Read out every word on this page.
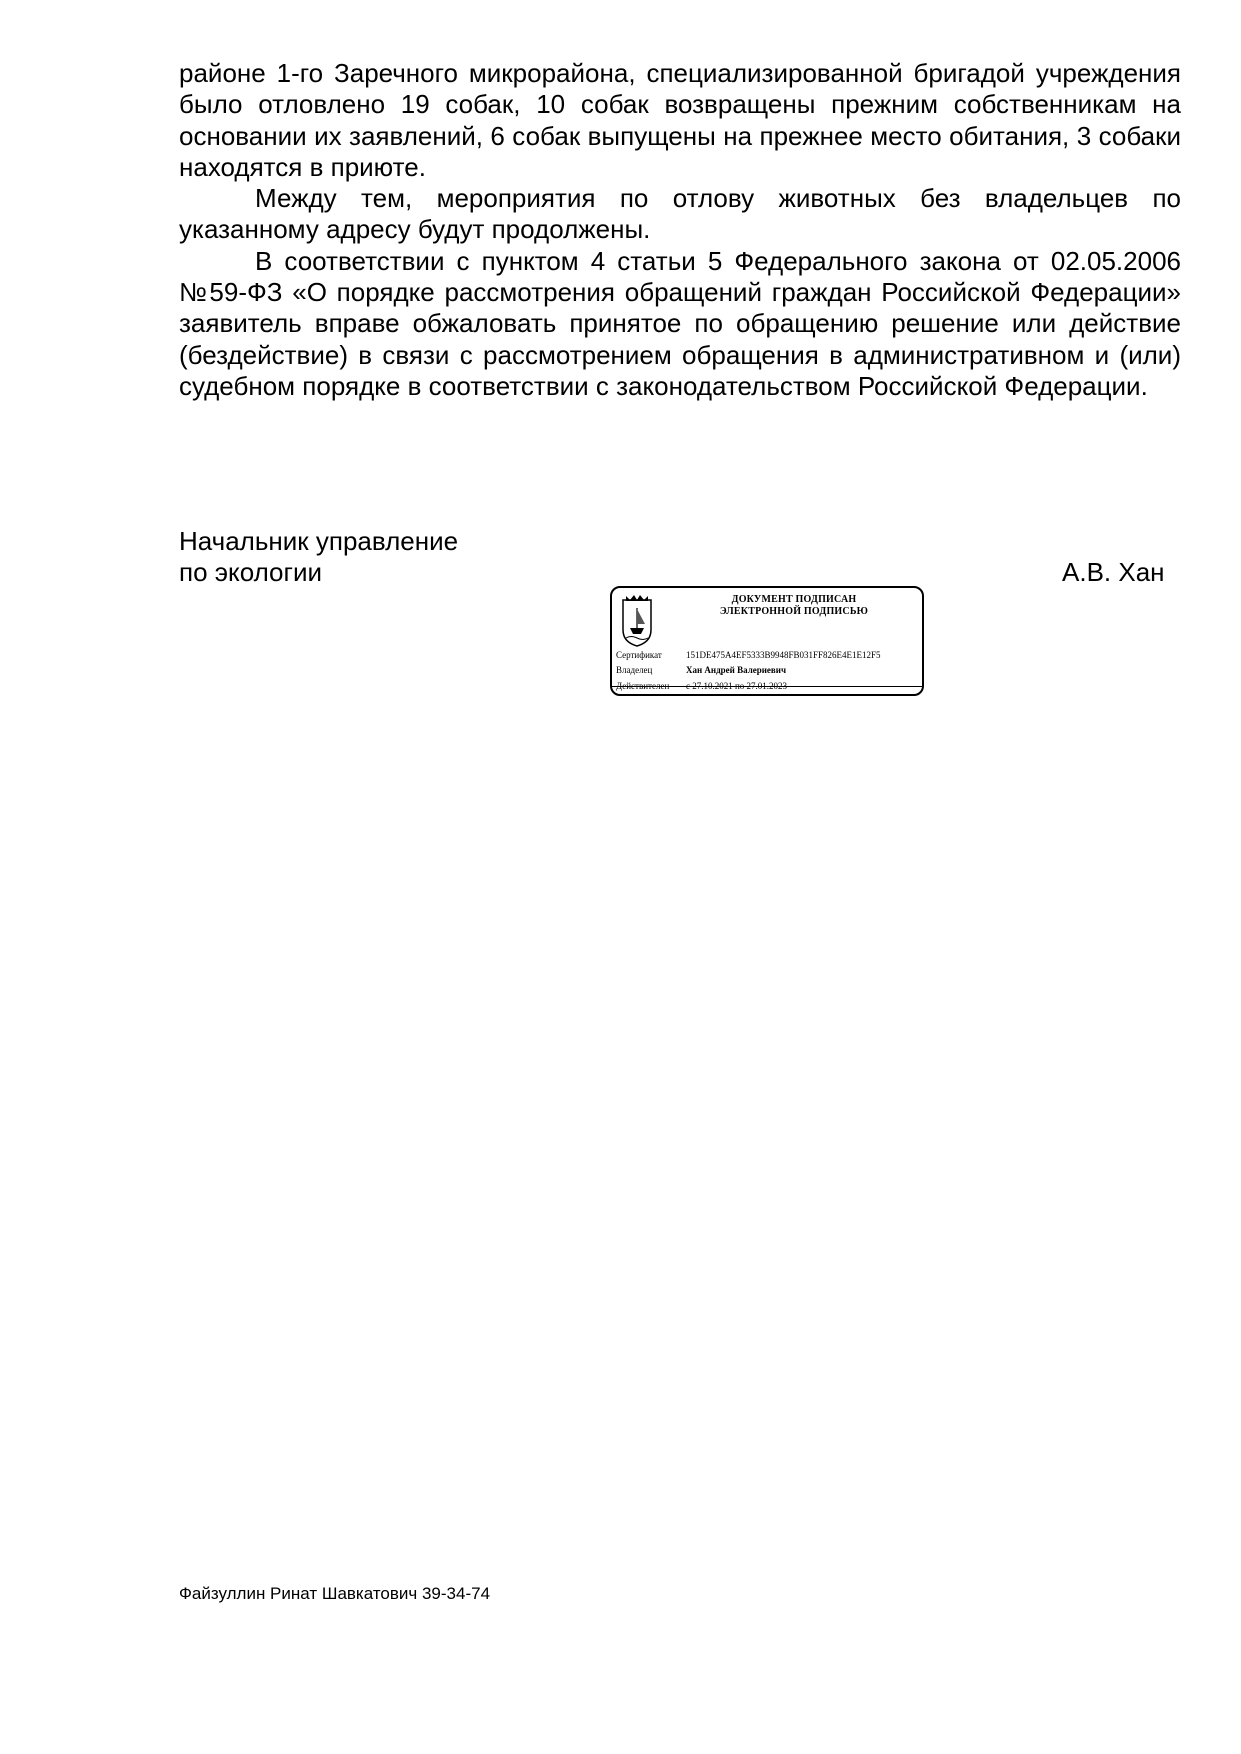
районе 1-го Заречного микрорайона, специализированной бригадой учреждения было отловлено 19 собак, 10 собак возвращены прежним собственникам на основании их заявлений, 6 собак выпущены на прежнее место обитания, 3 собаки находятся в приюте.

Между тем, мероприятия по отлову животных без владельцев по указанному адресу будут продолжены.

В соответствии с пунктом 4 статьи 5 Федерального закона от 02.05.2006 №59-ФЗ «О порядке рассмотрения обращений граждан Российской Федерации» заявитель вправе обжаловать принятое по обращению решение или действие (бездействие) в связи с рассмотрением обращения в административном и (или) судебном порядке в соответствии с законодательством Российской Федерации.

Начальник управление
по экологии	А.В. Хан
ДОКУМЕНТ ПОДПИСАН
ЭЛЕКТРОННОЙ ПОДПИСЬЮ
Сертификат	151DE475A4EF5333B9948FB031FF826E4E1E12F5
Владелец	Хан Андрей Валериевич
Действителен с 27.10.2021 по 27.01.2023
Файзуллин Ринат Шавкатович 39-34-74
